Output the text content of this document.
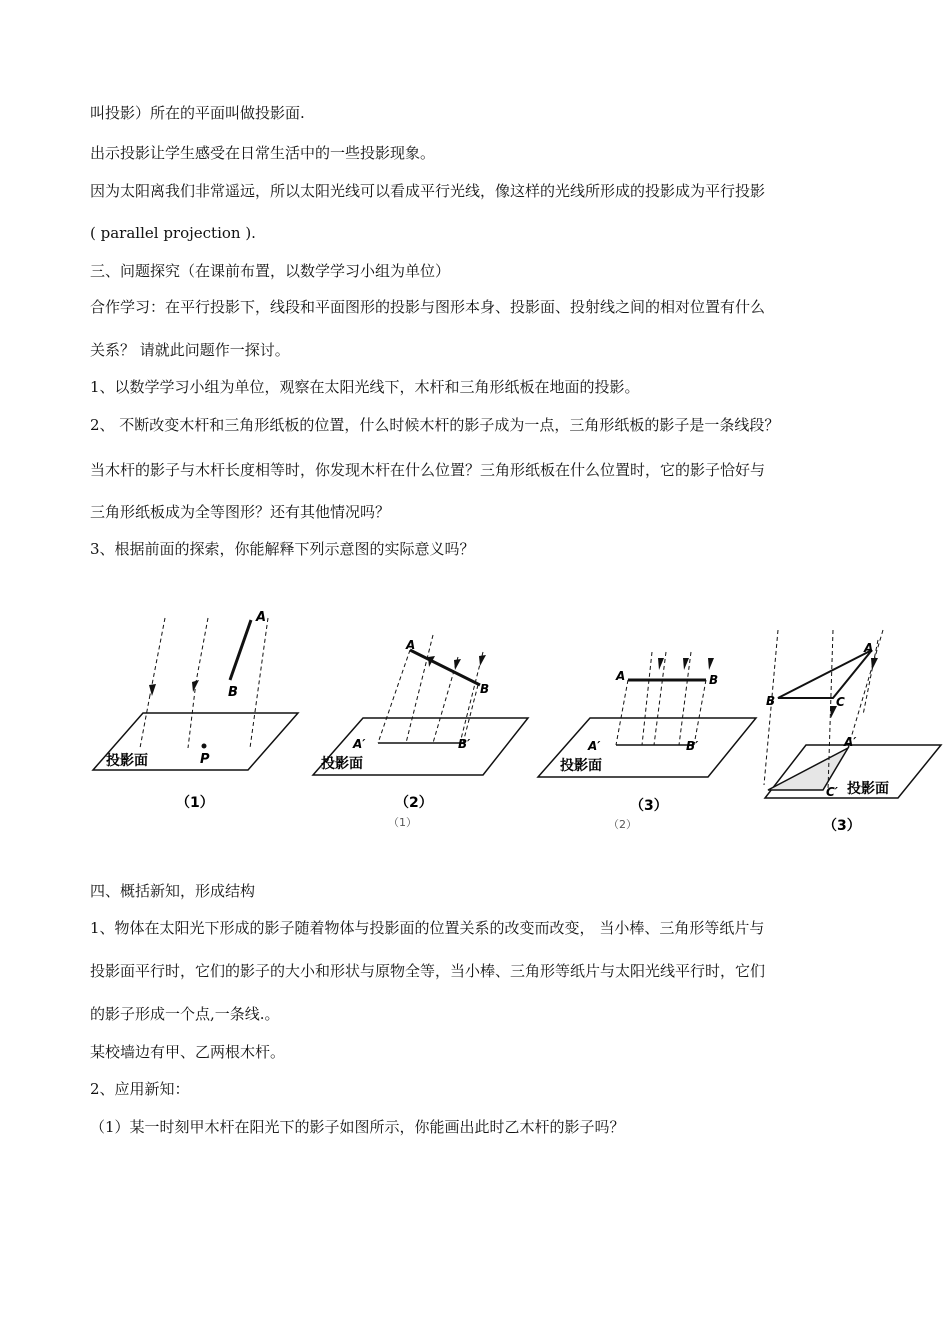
叫投影）所在的平面叫做投影面.
出示投影让学生感受在日常生活中的一些投影现象。
因为太阳离我们非常遥远，所以太阳光线可以看成平行光线，像这样的光线所形成的投影成为平行投影
( parallel projection ).
三、问题探究（在课前布置，以数学学习小组为单位）
合作学习：在平行投影下，线段和平面图形的投影与图形本身、投影面、投射线之间的相对位置有什么
关系？ 请就此问题作一探讨。
1、以数学学习小组为单位，观察在太阳光线下，木杆和三角形纸板在地面的投影。
2、 不断改变木杆和三角形纸板的位置，什么时候木杆的影子成为一点，三角形纸板的影子是一条线段？
当木杆的影子与木杆长度相等时，你发现木杆在什么位置？三角形纸板在什么位置时，它的影子恰好与
三角形纸板成为全等图形？还有其他情况吗？
3、根据前面的探索，你能解释下列示意图的实际意义吗？
A
B
P
投影面
（1）
A
B
A′	B′
投影面
（2）
（1）
A	B
A′	B′
投影面
（3）
（2）
A
B	C
A′
C′ 投影面
（3）
四、概括新知，形成结构
1、物体在太阳光下形成的影子随着物体与投影面的位置关系的改变而改变， 当小棒、三角形等纸片与
投影面平行时，它们的影子的大小和形状与原物全等，当小棒、三角形等纸片与太阳光线平行时，它们
的影子形成一个点,一条线.。
某校墙边有甲、乙两根木杆。
2、应用新知：
（1）某一时刻甲木杆在阳光下的影子如图所示，你能画出此时乙木杆的影子吗？
